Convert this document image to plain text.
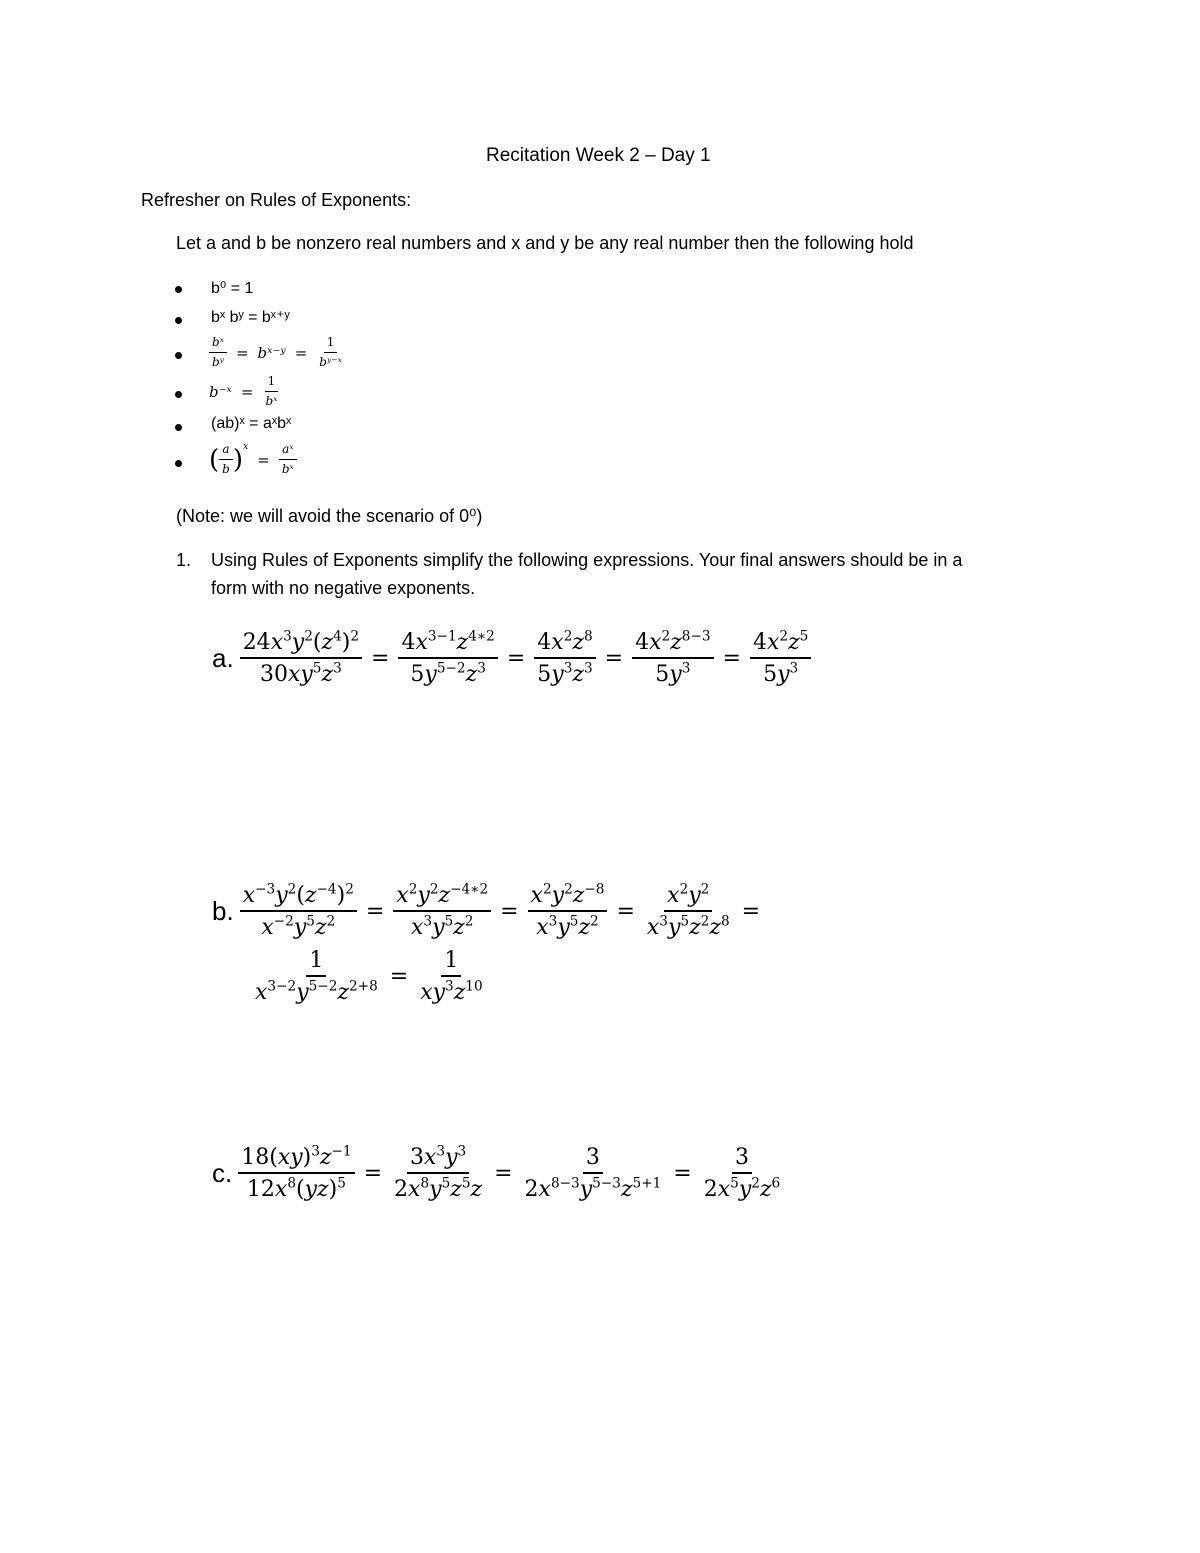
Recitation Week 2 – Day 1
Refresher on Rules of Exponents:
Let a and b be nonzero real numbers and x and y be any real number then the following hold
b⁰ = 1
bˣ bʸ = bˣ⁺ʸ
$\frac{\text{bˣ}}{\text{bʸ}}$ = bˣ⁻ʸ = $\frac{1}{\text{bʸ⁻ˣ}}$
b⁻ˣ = $\frac{1}{\text{bˣ}}$
(ab)ˣ = aˣbˣ
( $\frac{a}{b}$ ) x
= $\frac{\text{aˣ}}{\text{bˣ}}$
(Note: we will avoid the scenario of 0⁰)
1. Using Rules of Exponents simplify the following expressions. Your final answers should be in a
form with no negative exponents.
a. $\frac{24x^3y^2(z^4)^2}{30xy^5z^3} = \frac{4x^{3-1}z^{4∗2}}{5y^{5-2}z^3} = \frac{4x^2z^8}{5y^3z^3} = \frac{4x^2z^{8-3}}{5y^3} = \frac{4x^2z^5}{5y^3}$
b. $\frac{x^{-3}y^2(z^{-4})^2}{x^{-2}y^5z^2} = \frac{x^2y^2z^{-4∗2}}{x^3y^5z^2} = \frac{x^2y^2z^{-8}}{x^3y^5z^2} = \frac{x^2y^2}{x^3y^5z^2z^8}$ =
$\frac{1}{x^{3-2}y^{5-2}z^{2+8}} = \frac{1}{xy^3z^{10}}$
c. $\frac{18(xy)^3z^{-1}}{12x^8(yz)^5} = \frac{3x^3y^3}{2x^8y^5z^5z} = \frac{3}{2x^{8-3}y^{5-3}z^{5+1}} = \frac{3}{2x^5y^2z^6}$
